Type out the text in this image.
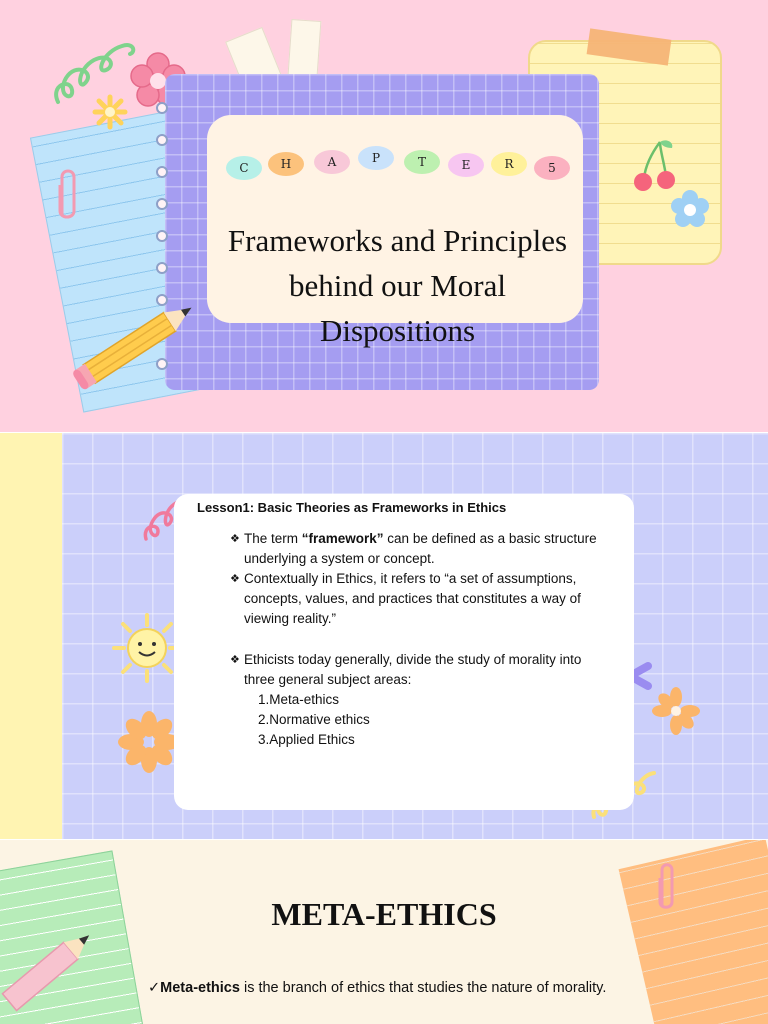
C	H	A	P	T	E	R	5
Frameworks and Principles
behind our Moral
Dispositions
Lesson1: Basic Theories as Frameworks in Ethics
❖ The term “framework” can be defined as a basic structure underlying a system or concept.
❖ Contextually in Ethics, it refers to “a set of assumptions, concepts, values, and practices that constitutes a way of viewing reality.”
❖ Ethicists today generally, divide the study of morality into three general subject areas:
1.Meta-ethics
2.Normative ethics
3.Applied Ethics
META-ETHICS
✓Meta-ethics is the branch of ethics that studies the nature of morality.
